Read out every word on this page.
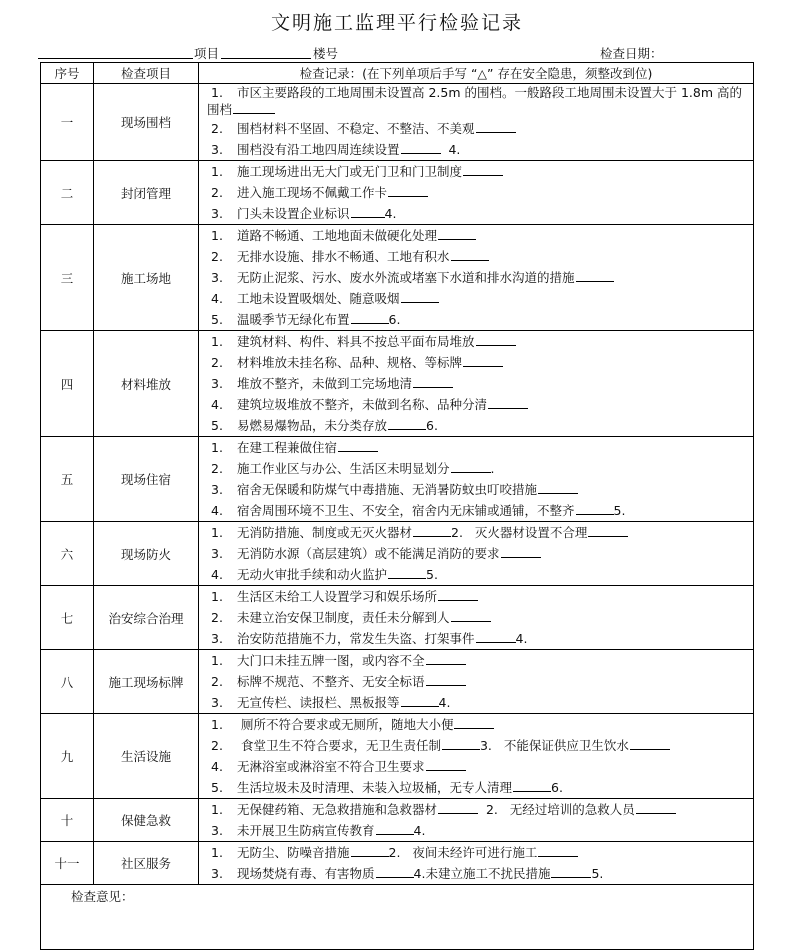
文明施工监理平行检验记录
项目	楼号	检查日期：
序号	检查项目	检查记录：(在下列单项后手写 “△” 存在安全隐患，须整改到位)
一	现场围档	1. 市区主要路段的工地周围未设置高 2.5m 的围档。一般路段工地周围未设置大于 1.8m 高的围档
2. 围档材料不坚固、不稳定、不整洁、不美观
3. 围档没有沿工地四周连续设置 4.

二	封闭管理	1. 施工现场进出无大门或无门卫和门卫制度
2. 进入施工现场不佩戴工作卡
3. 门头未设置企业标识 4.

三	施工场地	1. 道路不畅通、工地地面未做硬化处理
2. 无排水设施、排水不畅通、工地有积水
3. 无防止泥浆、污水、废水外流或堵塞下水道和排水沟道的措施
4. 工地未设置吸烟处、随意吸烟
5. 温暖季节无绿化布置 6.

四	材料堆放	1. 建筑材料、构件、料具不按总平面布局堆放
2. 材料堆放未挂名称、品种、规格、等标牌
3. 堆放不整齐，未做到工完场地清
4. 建筑垃圾堆放不整齐，未做到名称、品种分清
5. 易燃易爆物品，未分类存放 6.

五	现场住宿	1. 在建工程兼做住宿
2. 施工作业区与办公、生活区未明显划分 .
3. 宿舍无保暖和防煤气中毒措施、无消暑防蚊虫叮咬措施
4. 宿舍周围环境不卫生、不安全，宿舍内无床铺或通铺，不整齐 5.

六	现场防火	1. 无消防措施、制度或无灭火器材 2.   灭火器材设置不合理
3. 无消防水源（高层建筑）或不能满足消防的要求
4. 无动火审批手续和动火监护 5.

七	治安综合治理	1. 生活区未给工人设置学习和娱乐场所
2. 未建立治安保卫制度，责任未分解到人
3. 治安防范措施不力，常发生失盗、打架事件 4.

八	施工现场标牌	1. 大门口未挂五牌一图，或内容不全
2. 标牌不规范、不整齐、无安全标语
3. 无宣传栏、读报栏、黑板报等 4.

九	生活设施	1. 厕所不符合要求或无厕所，随地大小便
2. 食堂卫生不符合要求，无卫生责任制 3.   不能保证供应卫生饮水
4. 无淋浴室或淋浴室不符合卫生要求
5. 生活垃圾未及时清理、未装入垃圾桶，无专人清理 6.

十	保健急救	1. 无保健药箱、无急救措施和急救器材 2.   无经过培训的急救人员
3. 未开展卫生防病宣传教育 4.

十一	社区服务	1. 无防尘、防噪音措施 2.   夜间未经许可进行施工
3. 现场焚烧有毒、有害物质 4.未建立施工不扰民措施 5.

检查意见：		
